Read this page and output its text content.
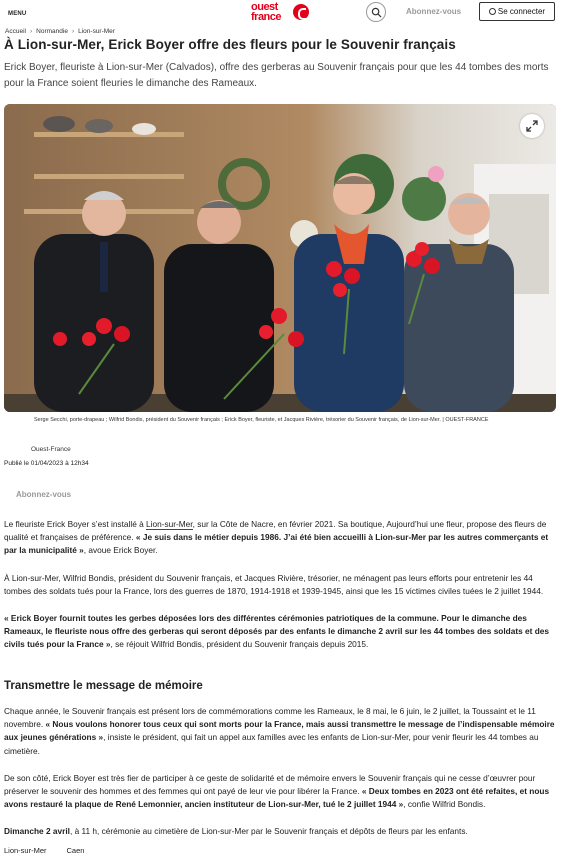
MENU
ouest
france	Abonnez-vous	Se connecter
Accueil › Normandie › Lion-sur-Mer
À Lion-sur-Mer, Erick Boyer offre des fleurs pour le Souvenir français

Erick Boyer, fleuriste à Lion-sur-Mer (Calvados), offre des gerberas au Souvenir français pour que les 44 tombes des morts pour la France soient fleuries le dimanche des Rameaux.

Serge Secchi, porte-drapeau ; Wilfrid Bondis, président du Souvenir français ; Erick Boyer, fleuriste, et Jacques Rivière, trésorier du Souvenir français, de Lion-sur-Mer. | OUEST-FRANCE
Ouest-France
Publié le 01/04/2023 à 12h34
Abonnez-vous

Le fleuriste Erick Boyer s’est installé à Lion-sur-Mer, sur la Côte de Nacre, en février 2021. Sa boutique, Aujourd’hui une fleur, propose des fleurs de qualité et françaises de préférence. « Je suis dans le métier depuis 1986. J’ai été bien accueilli à Lion-sur-Mer par les autres commerçants et par la municipalité », avoue Erick Boyer.

À Lion-sur-Mer, Wilfrid Bondis, président du Souvenir français, et Jacques Rivière, trésorier, ne ménagent pas leurs efforts pour entretenir les 44 tombes des soldats tués pour la France, lors des guerres de 1870, 1914-1918 et 1939-1945, ainsi que les 15 victimes civiles tuées le 2 juillet 1944.

« Erick Boyer fournit toutes les gerbes déposées lors des différentes cérémonies patriotiques de la commune. Pour le dimanche des Rameaux, le fleuriste nous offre des gerberas qui seront déposés par des enfants le dimanche 2 avril sur les 44 tombes des soldats et des civils tués pour la France », se réjouit Wilfrid Bondis, président du Souvenir français depuis 2015.

Transmettre le message de mémoire

Chaque année, le Souvenir français est présent lors de commémorations comme les Rameaux, le 8 mai, le 6 juin, le 2 juillet, la Toussaint et le 11 novembre. « Nous voulons honorer tous ceux qui sont morts pour la France, mais aussi transmettre le message de l’indispensable mémoire aux jeunes générations », insiste le président, qui fait un appel aux familles avec les enfants de Lion-sur-Mer, pour venir fleurir les 44 tombes au cimetière.

De son côté, Erick Boyer est très fier de participer à ce geste de solidarité et de mémoire envers le Souvenir français qui ne cesse d’œuvrer pour préserver le souvenir des hommes et des femmes qui ont payé de leur vie pour libérer la France. « Deux tombes en 2023 ont été refaites, et nous avons restauré la plaque de René Lemonnier, ancien instituteur de Lion-sur-Mer, tué le 2 juillet 1944 », confie Wilfrid Bondis.

Dimanche 2 avril, à 11 h, cérémonie au cimetière de Lion-sur-Mer par le Souvenir français et dépôts de fleurs par les enfants.

Lion-sur-Mer	Caen
